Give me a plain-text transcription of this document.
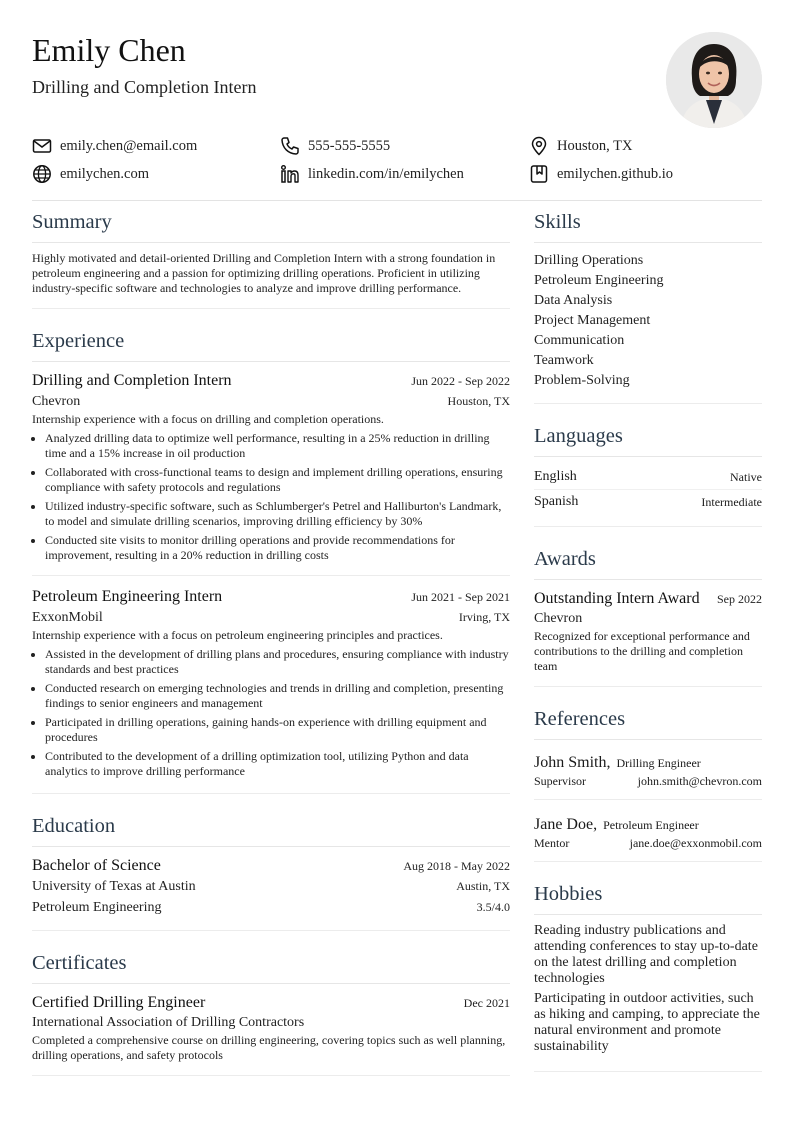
Emily Chen
Drilling and Completion Intern
emily.chen@email.com	555-555-5555	Houston, TX
emilychen.com	linkedin.com/in/emilychen	emilychen.github.io
Summary
Highly motivated and detail-oriented Drilling and Completion Intern with a strong foundation in petroleum engineering and a passion for optimizing drilling operations. Proficient in utilizing industry-specific software and technologies to analyze and improve drilling performance.
Experience
Drilling and Completion Intern	Jun 2022 - Sep 2022
Chevron	Houston, TX
Internship experience with a focus on drilling and completion operations.
• Analyzed drilling data to optimize well performance, resulting in a 25% reduction in drilling time and a 15% increase in oil production
• Collaborated with cross-functional teams to design and implement drilling operations, ensuring compliance with safety protocols and regulations
• Utilized industry-specific software, such as Schlumberger's Petrel and Halliburton's Landmark, to model and simulate drilling scenarios, improving drilling efficiency by 30%
• Conducted site visits to monitor drilling operations and provide recommendations for improvement, resulting in a 20% reduction in drilling costs
Petroleum Engineering Intern	Jun 2021 - Sep 2021
ExxonMobil	Irving, TX
Internship experience with a focus on petroleum engineering principles and practices.
• Assisted in the development of drilling plans and procedures, ensuring compliance with industry standards and best practices
• Conducted research on emerging technologies and trends in drilling and completion, presenting findings to senior engineers and management
• Participated in drilling operations, gaining hands-on experience with drilling equipment and procedures
• Contributed to the development of a drilling optimization tool, utilizing Python and data analytics to improve drilling performance
Education
Bachelor of Science	Aug 2018 - May 2022
University of Texas at Austin	Austin, TX
Petroleum Engineering	3.5/4.0
Certificates
Certified Drilling Engineer	Dec 2021
International Association of Drilling Contractors
Completed a comprehensive course on drilling engineering, covering topics such as well planning, drilling operations, and safety protocols
Skills
Drilling Operations
Petroleum Engineering
Data Analysis
Project Management
Communication
Teamwork
Problem-Solving
Languages
English	Native
Spanish	Intermediate
Awards
Outstanding Intern Award Sep 2022
Chevron
Recognized for exceptional performance and contributions to the drilling and completion team
References
John Smith, Drilling Engineer
Supervisor	john.smith@chevron.com
Jane Doe, Petroleum Engineer
Mentor	jane.doe@exxonmobil.com
Hobbies
Reading industry publications and attending conferences to stay up-to-date on the latest drilling and completion technologies
Participating in outdoor activities, such as hiking and camping, to appreciate the natural environment and promote sustainability
